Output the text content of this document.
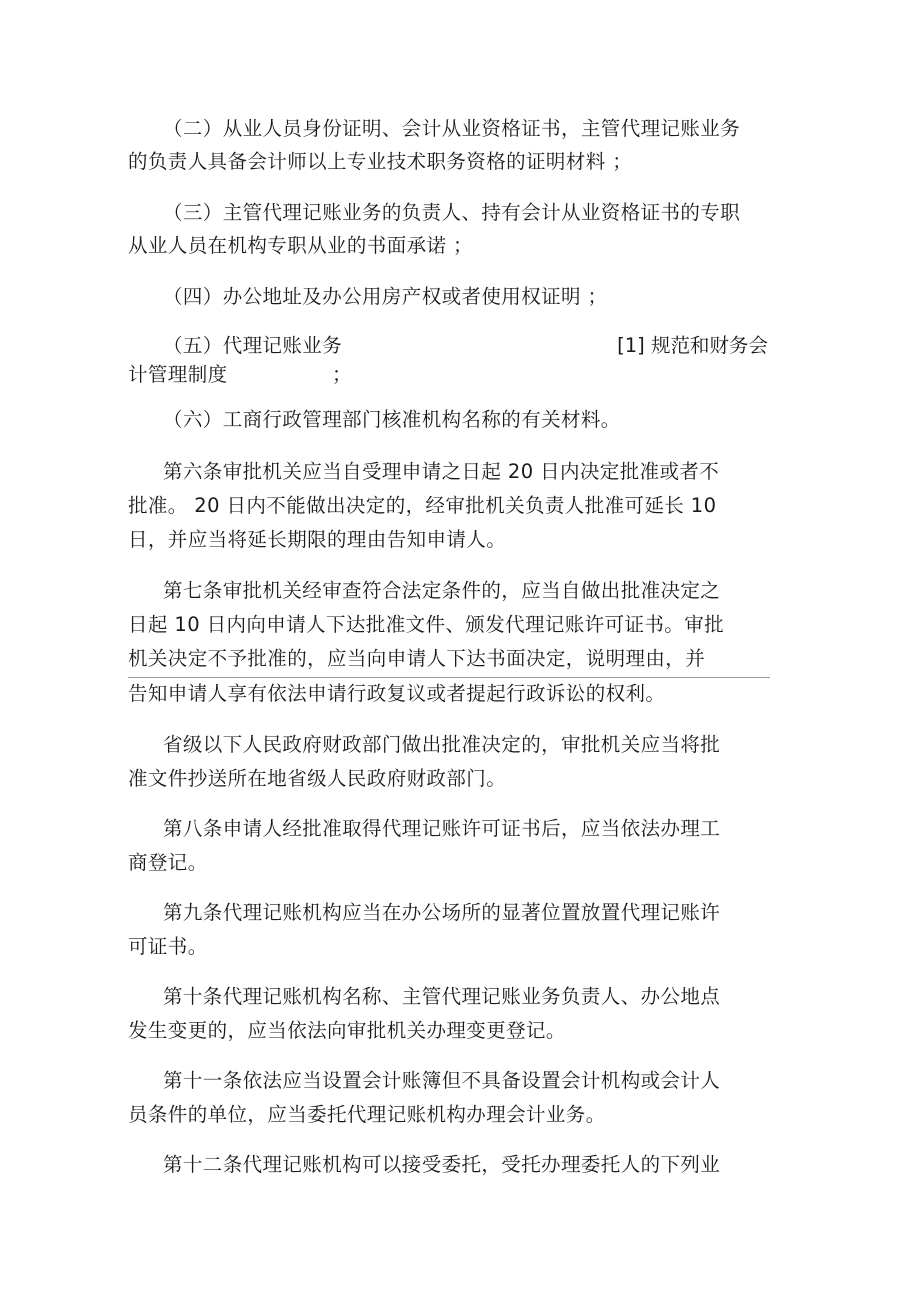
（二）从业人员身份证明、会计从业资格证书，主管代理记账业务
的负责人具备会计师以上专业技术职务资格的证明材料 ；
（三）主管代理记账业务的负责人、持有会计从业资格证书的专职
从业人员在机构专职从业的书面承诺 ；
（四）办公地址及办公用房产权或者使用权证明 ；
（五）代理记账业务	[1] 规范和财务会
计管理制度	；
（六）工商行政管理部门核准机构名称的有关材料。
第六条审批机关应当自受理申请之日起 20 日内决定批准或者不
批准。 20 日内不能做出决定的，经审批机关负责人批准可延长 10
日，并应当将延长期限的理由告知申请人。
第七条审批机关经审查符合法定条件的，应当自做出批准决定之
日起 10 日内向申请人下达批准文件、颁发代理记账许可证书。审批
机关决定不予批准的，应当向申请人下达书面决定，说明理由，并
告知申请人享有依法申请行政复议或者提起行政诉讼的权利。
省级以下人民政府财政部门做出批准决定的，审批机关应当将批
准文件抄送所在地省级人民政府财政部门。
第八条申请人经批准取得代理记账许可证书后，应当依法办理工
商登记。
第九条代理记账机构应当在办公场所的显著位置放置代理记账许
可证书。
第十条代理记账机构名称、主管代理记账业务负责人、办公地点
发生变更的，应当依法向审批机关办理变更登记。
第十一条依法应当设置会计账簿但不具备设置会计机构或会计人
员条件的单位，应当委托代理记账机构办理会计业务。
第十二条代理记账机构可以接受委托，受托办理委托人的下列业
